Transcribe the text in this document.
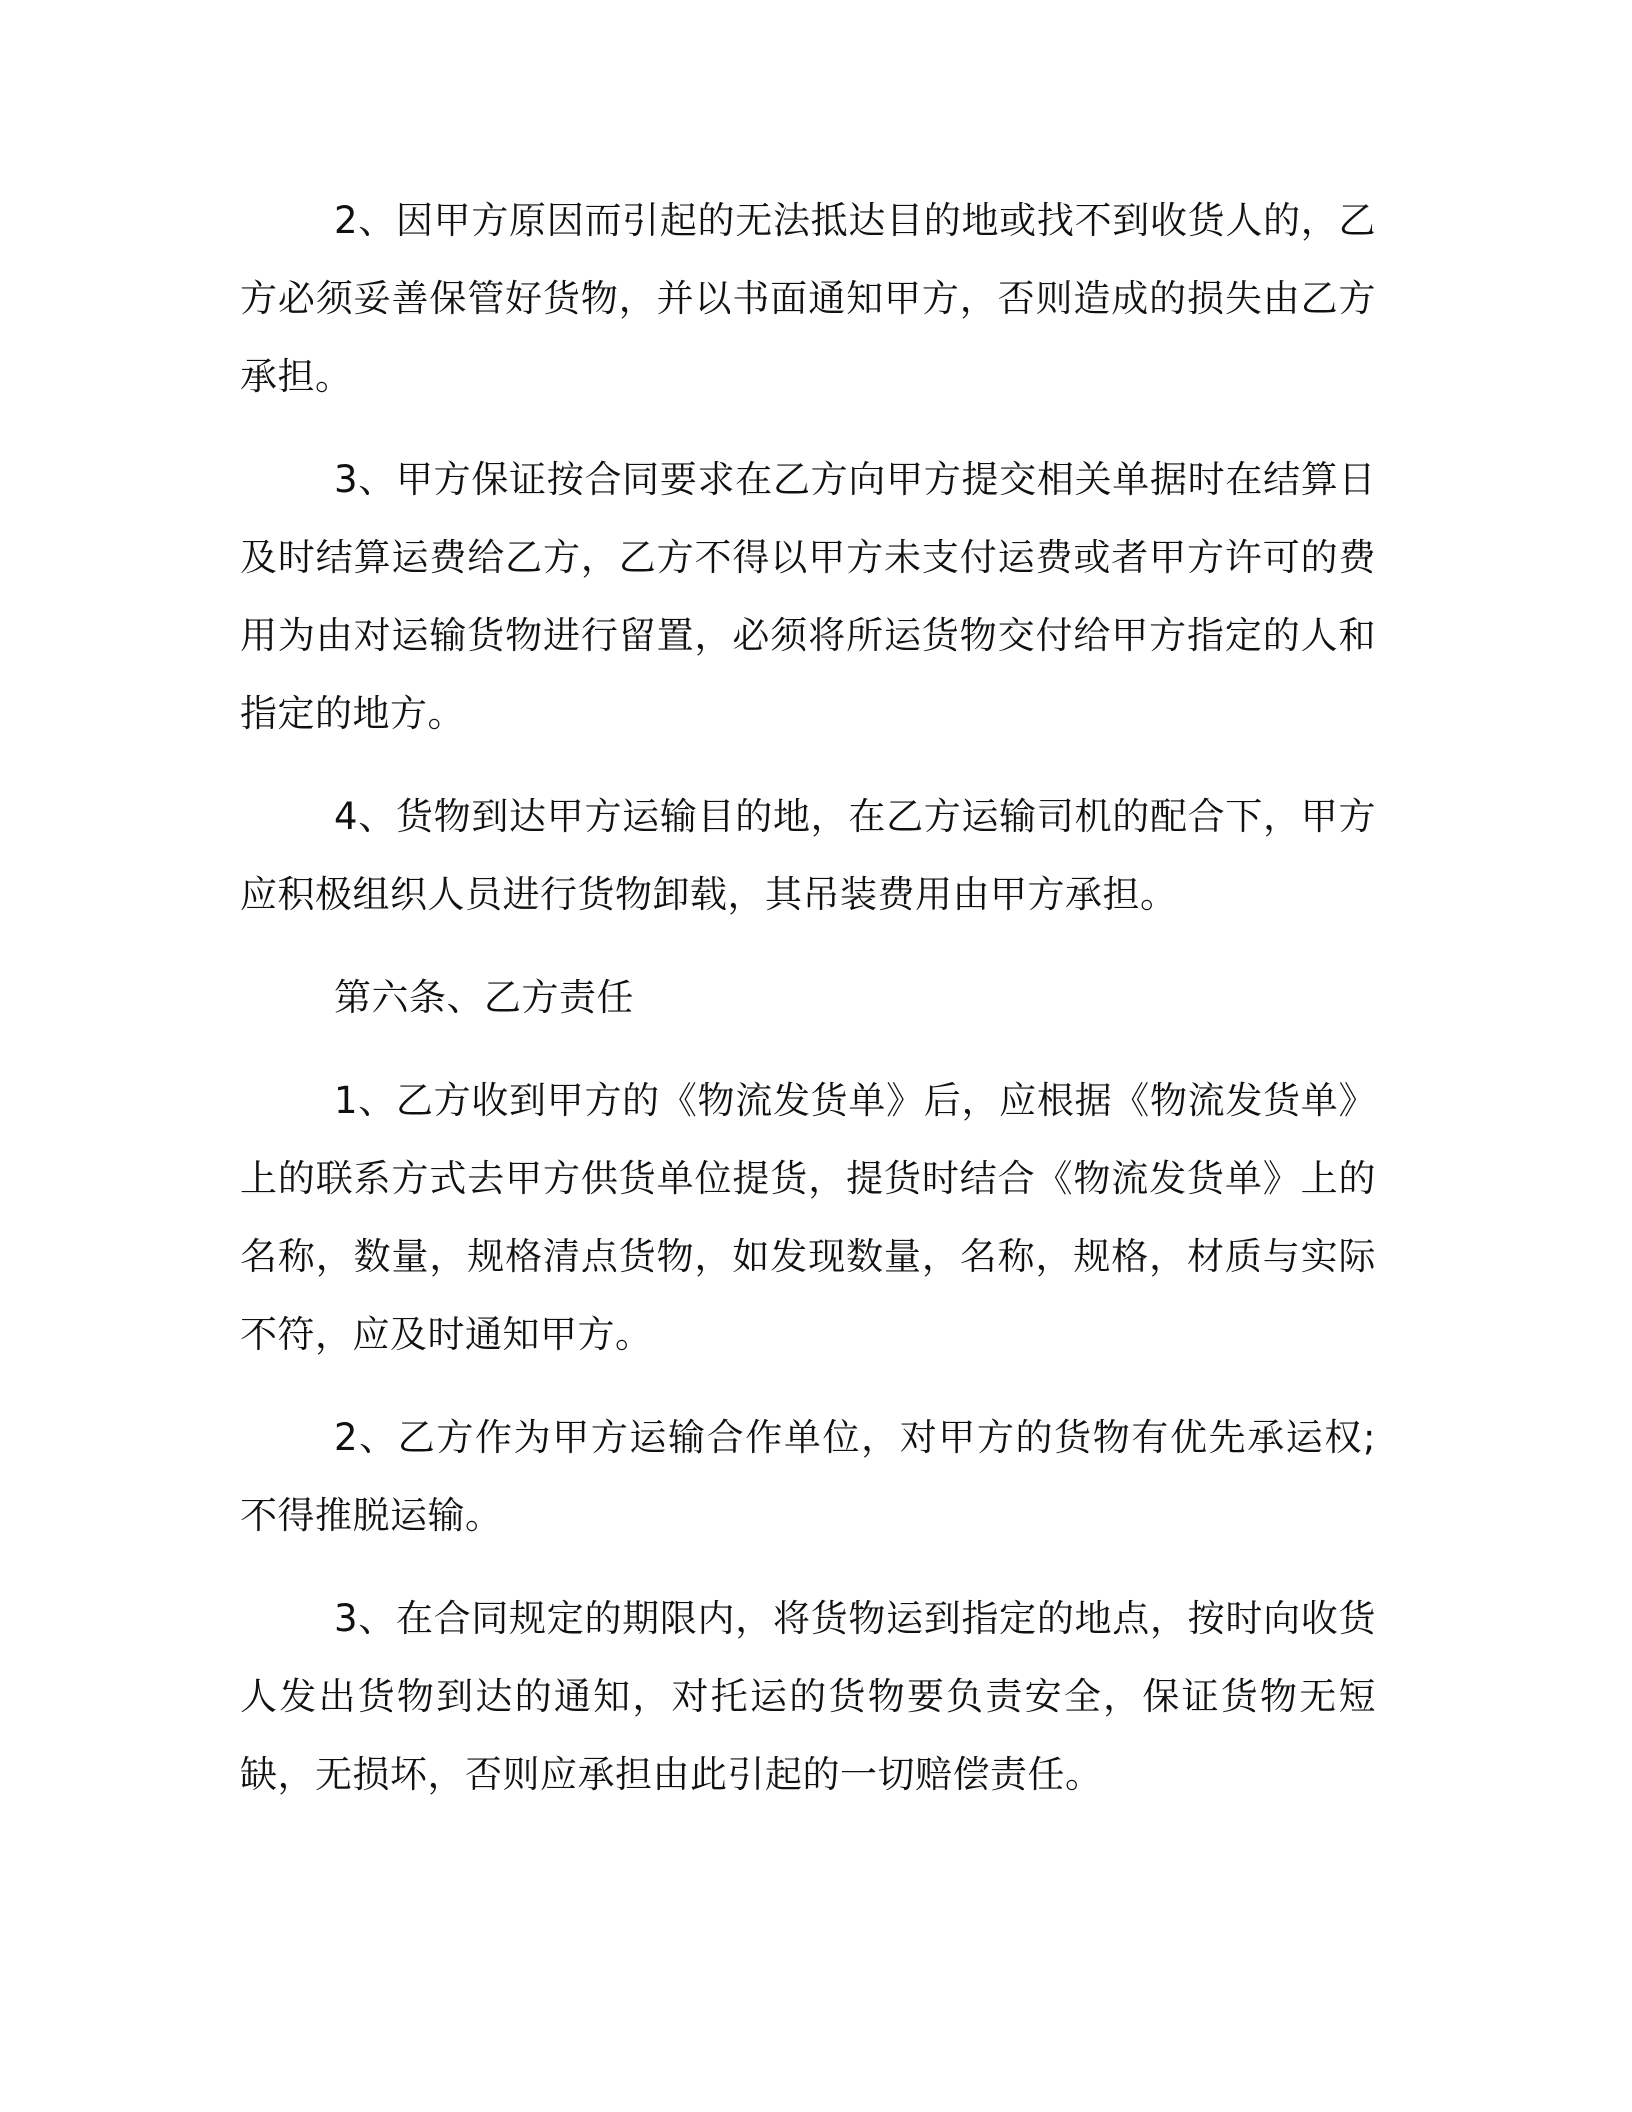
2、因甲方原因而引起的无法抵达目的地或找不到收货人的，乙方必须妥善保管好货物，并以书面通知甲方，否则造成的损失由乙方承担。

3、甲方保证按合同要求在乙方向甲方提交相关单据时在结算日及时结算运费给乙方，乙方不得以甲方未支付运费或者甲方许可的费用为由对运输货物进行留置，必须将所运货物交付给甲方指定的人和指定的地方。

4、货物到达甲方运输目的地，在乙方运输司机的配合下，甲方应积极组织人员进行货物卸载，其吊装费用由甲方承担。

第六条、乙方责任

1、乙方收到甲方的《物流发货单》后，应根据《物流发货单》上的联系方式去甲方供货单位提货，提货时结合《物流发货单》上的名称，数量，规格清点货物，如发现数量，名称，规格，材质与实际不符，应及时通知甲方。

2、乙方作为甲方运输合作单位，对甲方的货物有优先承运权;不得推脱运输。

3、在合同规定的期限内，将货物运到指定的地点，按时向收货人发出货物到达的通知，对托运的货物要负责安全，保证货物无短缺，无损坏，否则应承担由此引起的一切赔偿责任。
